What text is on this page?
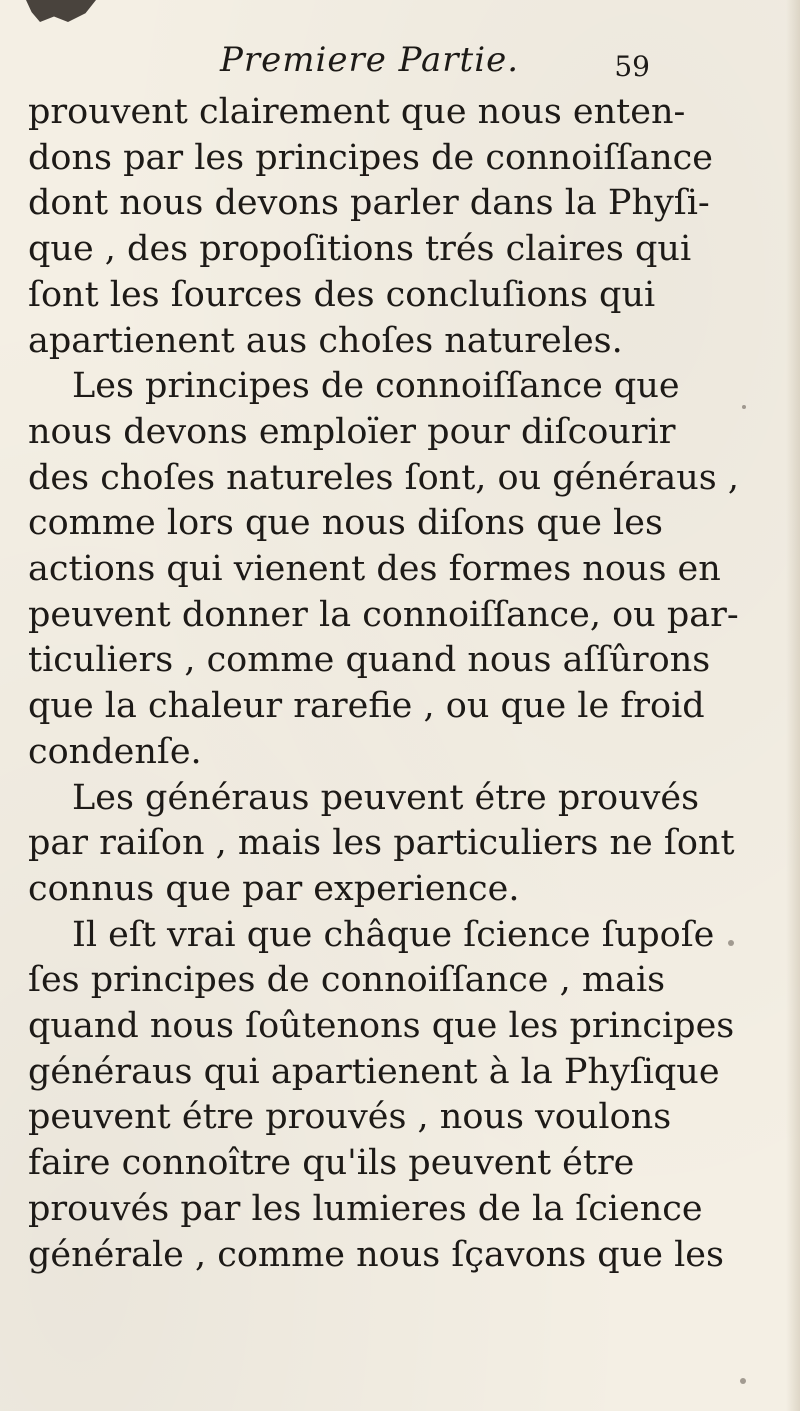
Premiere Partie.	59
prouvent clairement que nous enten-
dons par les principes de connoiſſance
dont nous devons parler dans la Phyſi-
que , des propoſitions trés claires qui
ſont les ſources des concluſions qui
apartienent aus choſes natureles.
Les principes de connoiſſance que
nous devons emploïer pour diſcourir
des choſes natureles ſont, ou généraus ,
comme lors que nous diſons que les
actions qui vienent des formes nous en
peuvent donner la connoiſſance, ou par-
ticuliers , comme quand nous aſſûrons
que la chaleur rarefie , ou que le froid
condenſe.
Les généraus peuvent étre prouvés
par raiſon , mais les particuliers ne ſont
connus que par experience.
Il eſt vrai que châque ſcience ſupoſe
ſes principes de connoiſſance , mais
quand nous ſoûtenons que les principes
généraus qui apartienent à la Phyſique
peuvent étre prouvés , nous voulons
faire connoître qu'ils peuvent étre
prouvés par les lumieres de la ſcience
générale , comme nous ſçavons que les
